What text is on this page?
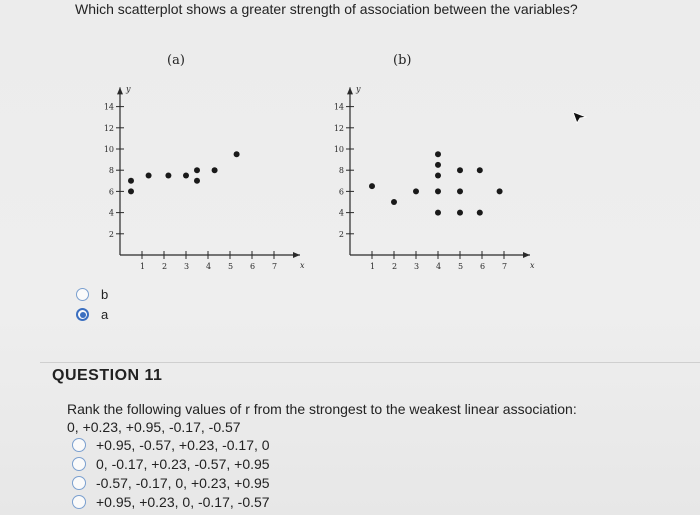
Which scatterplot shows a greater strength of association between the variables?
(a)
x
y
1 2 3 4 5 6 7
2
4
6
8
10
12
14
(b)
x
y
1 2 3 4 5 6 7
2
4
6
8
10
12
14
b
a
QUESTION 11
Rank the following values of r from the strongest to the weakest linear association:
0, +0.23, +0.95, -0.17, -0.57
+0.95, -0.57, +0.23, -0.17, 0
0, -0.17, +0.23, -0.57, +0.95
-0.57, -0.17, 0, +0.23, +0.95
+0.95, +0.23, 0, -0.17, -0.57
